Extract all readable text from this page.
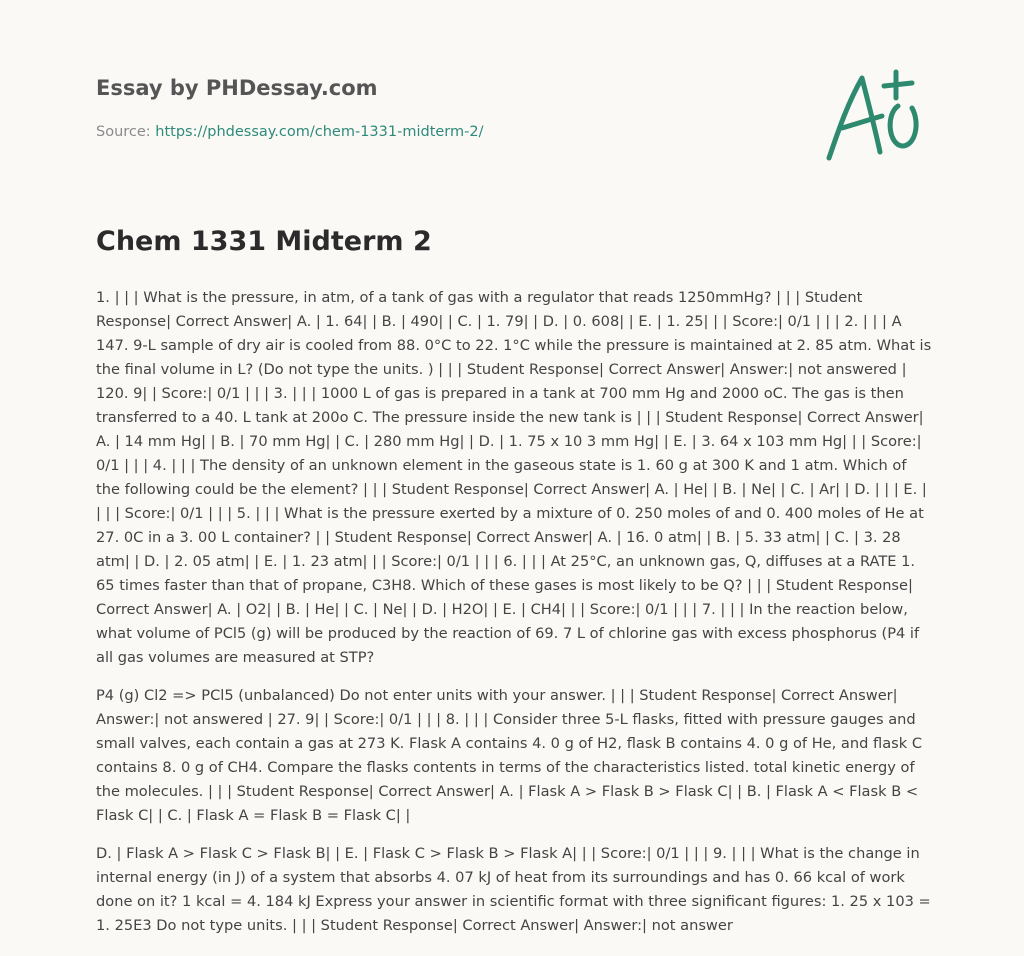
Essay by PHDessay.com
Source: https://phdessay.com/chem-1331-midterm-2/
Chem 1331 Midterm 2

1. | | | What is the pressure, in atm, of a tank of gas with a regulator that reads 1250mmHg? | | | Student Response| Correct Answer| A. | 1. 64| | B. | 490| | C. | 1. 79| | D. | 0. 608| | E. | 1. 25| | | Score:| 0/1 | | | 2. | | | A 147. 9-L sample of dry air is cooled from 88. 0°C to 22. 1°C while the pressure is maintained at 2. 85 atm. What is the final volume in L? (Do not type the units. ) | | | Student Response| Correct Answer| Answer:| not answered | 120. 9| | Score:| 0/1 | | | 3. | | | 1000 L of gas is prepared in a tank at 700 mm Hg and 2000 oC. The gas is then transferred to a 40. L tank at 200o C. The pressure inside the new tank is | | | Student Response| Correct Answer| A. | 14 mm Hg| | B. | 70 mm Hg| | C. | 280 mm Hg| | D. | 1. 75 x 10 3 mm Hg| | E. | 3. 64 x 103 mm Hg| | | Score:| 0/1 | | | 4. | | | The density of an unknown element in the gaseous state is 1. 60 g at 300 K and 1 atm. Which of the following could be the element? | | | Student Response| Correct Answer| A. | He| | B. | Ne| | C. | Ar| | D. | | | E. | | | | Score:| 0/1 | | | 5. | | | What is the pressure exerted by a mixture of 0. 250 moles of and 0. 400 moles of He at 27. 0C in a 3. 00 L container? | | Student Response| Correct Answer| A. | 16. 0 atm| | B. | 5. 33 atm| | C. | 3. 28 atm| | D. | 2. 05 atm| | E. | 1. 23 atm| | | Score:| 0/1 | | | 6. | | | At 25°C, an unknown gas, Q, diffuses at a RATE 1. 65 times faster than that of propane, C3H8. Which of these gases is most likely to be Q? | | | Student Response| Correct Answer| A. | O2| | B. | He| | C. | Ne| | D. | H2O| | E. | CH4| | | Score:| 0/1 | | | 7. | | | In the reaction below, what volume of PCl5 (g) will be produced by the reaction of 69. 7 L of chlorine gas with excess phosphorus (P4 if all gas volumes are measured at STP?

P4 (g) Cl2 => PCl5 (unbalanced) Do not enter units with your answer. | | | Student Response| Correct Answer| Answer:| not answered | 27. 9| | Score:| 0/1 | | | 8. | | | Consider three 5-L flasks, fitted with pressure gauges and small valves, each contain a gas at 273 K. Flask A contains 4. 0 g of H2, flask B contains 4. 0 g of He, and flask C contains 8. 0 g of CH4. Compare the flasks contents in terms of the characteristics listed. total kinetic energy of the molecules. | | | Student Response| Correct Answer| A. | Flask A > Flask B > Flask C| | B. | Flask A < Flask B < Flask C| | C. | Flask A = Flask B = Flask C| |

D. | Flask A > Flask C > Flask B| | E. | Flask C > Flask B > Flask A| | | Score:| 0/1 | | | 9. | | | What is the change in internal energy (in J) of a system that absorbs 4. 07 kJ of heat from its surroundings and has 0. 66 kcal of work done on it? 1 kcal = 4. 184 kJ Express your answer in scientific format with three significant figures: 1. 25 x 103 = 1. 25E3 Do not type units. | | | Student Response| Correct Answer| Answer:| not answer
